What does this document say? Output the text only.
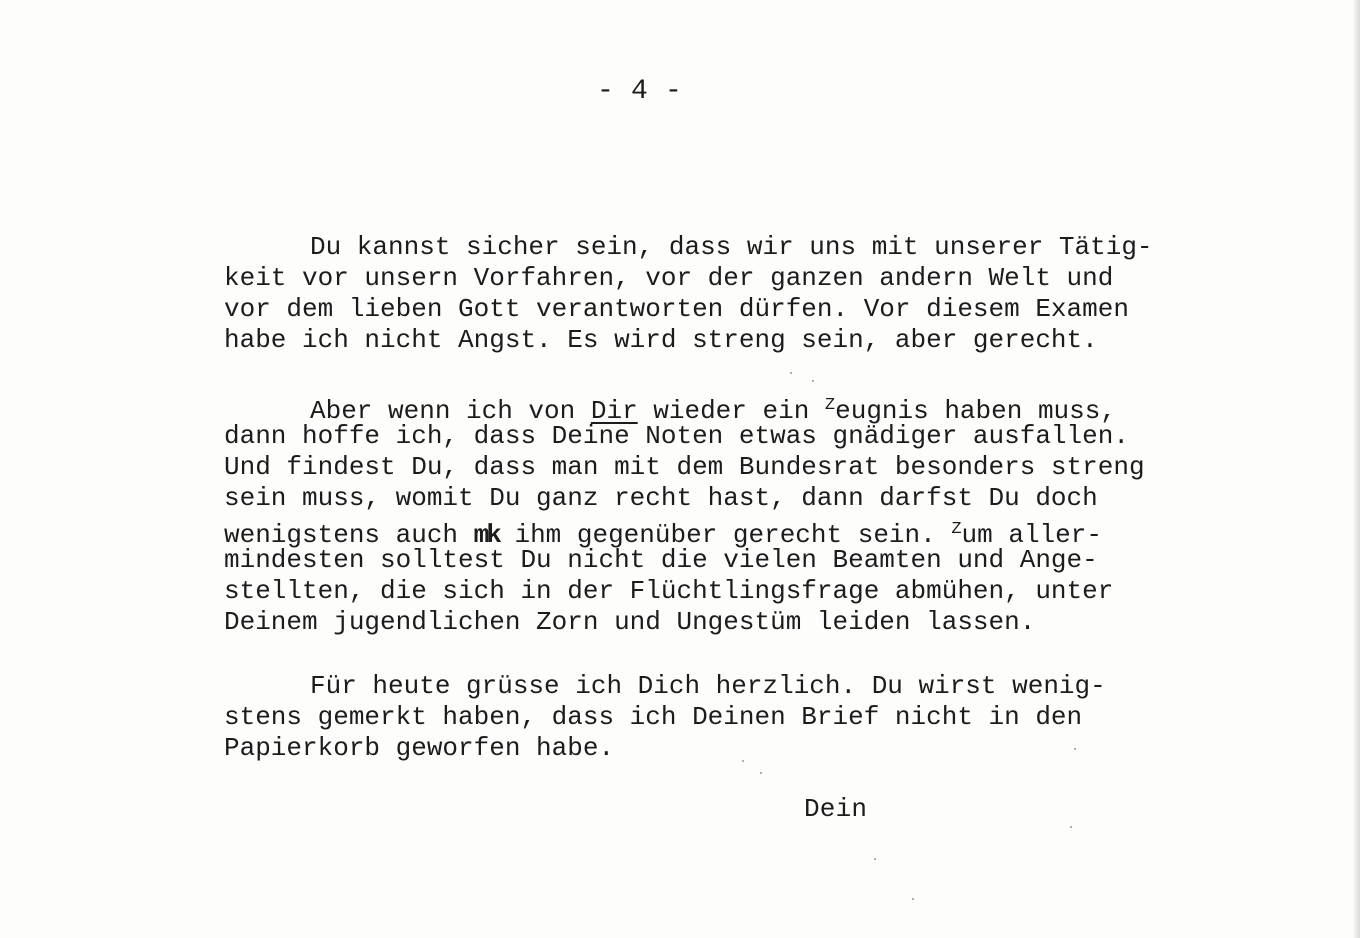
- 4 -
Du kannst sicher sein, dass wir uns mit unserer Tätig-
keit vor unsern Vorfahren, vor der ganzen andern Welt und
vor dem lieben Gott verantworten dürfen. Vor diesem Examen
habe ich nicht Angst. Es wird streng sein, aber gerecht.
Aber wenn ich von Dir wieder ein $^Z$eugnis haben muss,
dann hoffe ich, dass Deine Noten etwas gnädiger ausfallen.
Und findest Du, dass man mit dem Bundesrat besonders streng
sein muss, womit Du ganz recht hast, dann darfst Du doch
wenigstens auch mk ihm gegenüber gerecht sein. $^Z$um aller-
mindesten solltest Du nicht die vielen Beamten und Ange-
stellten, die sich in der Flüchtlingsfrage abmühen, unter
Deinem jugendlichen Zorn und Ungestüm leiden lassen.
Für heute grüsse ich Dich herzlich. Du wirst wenig-
stens gemerkt haben, dass ich Deinen Brief nicht in den
Papierkorb geworfen habe.
Dein
